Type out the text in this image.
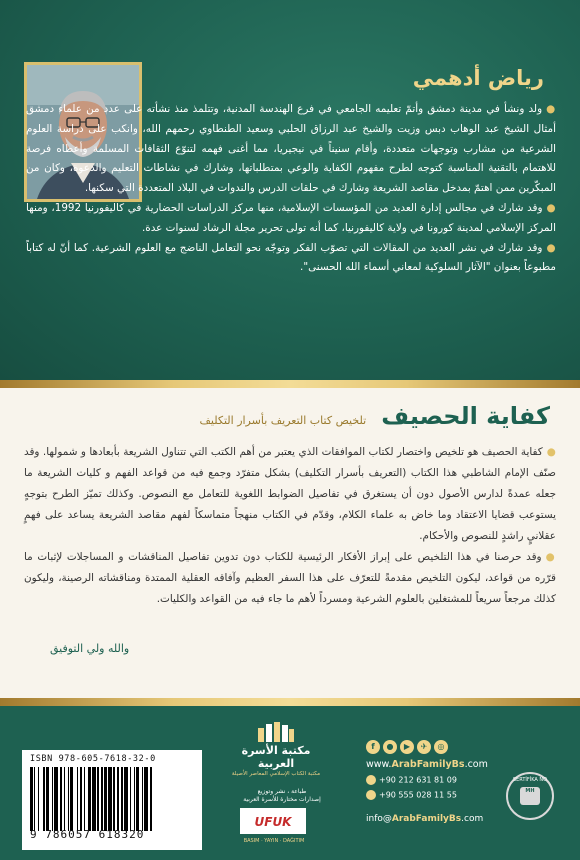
رياض أدهمي

●ولد ونشأ في مدينة دمشق وأتمّ تعليمه الجامعي في فرع الهندسة المدنية، وتتلمذ منذ نشأته على عدد من علماء دمشق أمثال الشيخ عبد الوهاب دبس وزيت والشيخ عبد الرزاق الحلبي وسعيد الطنطاوي رحمهم الله، وانكب على دراسة العلوم الشرعية من مشارب وتوجهات متعددة، وأقام سنيناً في نيجيريا، مما أغنى فهمه لتنوّع الثقافات المسلمة وأعطاه فرصة للاهتمام بالتقنية المناسبة كتوجه لطرح مفهوم الكفاية والوعي بمتطلباتها، وشارك في نشاطات التعليم والدعوة، وكان من المبكّرين ممن اهتمّ بمدخل مقاصد الشريعة وشارك في حلقات الدرس والندوات في البلاد المتعددة التي سكنها.

●وقد شارك في مجالس إدارة العديد من المؤسسات الإسلامية، منها مركز الدراسات الحضارية في كاليفورنيا 1992، ومنها المركز الإسلامي لمدينة كورونا في ولاية كاليفورنيا، كما أنه تولى تحرير مجلة الرشاد لسنوات عدة.

●وقد شارك في نشر العديد من المقالات التي تصوّب الفكر وتوجّه نحو التعامل الناضج مع العلوم الشرعية. كما أنّ له كتاباً مطبوعاً بعنوان "الآثار السلوكية لمعاني أسماء الله الحسنى".

كفاية الحصيف تلخيص كتاب التعريف بأسرار التكليف

●كفاية الحصيف هو تلخيص واختصار لكتاب الموافقات الذي يعتبر من أهم الكتب التي تتناول الشريعة بأبعادها و شمولها. وقد صنّف الإمام الشاطبي هذا الكتاب (التعريف بأسرار التكليف) بشكل متفرّد وجمع فيه من قواعد الفهم و كليات الشريعة ما جعله عمدةً لدارس الأصول دون أن يستغرق في تفاصيل الضوابط اللغوية للتعامل مع النصوص. وكذلك تميّز الطرح بتوجهٍ يستوعب قضايا الاعتقاد وما خاض به علماء الكلام، وقدّم في الكتاب منهجاً متماسكاً لفهم مقاصد الشريعة يساعد على فهمٍ عقلانيٍ راشدٍ للنصوص والأحكام.

●وقد حرصنا في هذا التلخيص على إبراز الأفكار الرئيسية للكتاب دون تدوين تفاصيل المناقشات و المساجلات لإثبات ما قرّره من قواعد، ليكون التلخيص مقدمةً للتعرّف على هذا السفر العظيم وآفاقه العقلية الممتدة ومناقشاته الرصينة، وليكون كذلك مرجعاً سريعاً للمشتغلين بالعلوم الشرعية ومسرداً لأهم ما جاء فيه من القواعد والكليات.

والله ولي التوفيق
مكتبة الأسرة العربية
مكتبة الكتاب الإسلامي المعاصر الأصيلة
طباعة ، نشر وتوزيع
إصدارات مختارة للأسرة العربية
UFUK
BASIM · YAYIN · DAĞITIM
ISBN 978-605-7618-32-0
9 786057 618320
f	●	▶	✈	◎
www.ArabFamilyBs.com
+90 212 631 81 09
+90 555 028 11 55
info@ArabFamilyBs.com
SERTİFİKA NO
MH
